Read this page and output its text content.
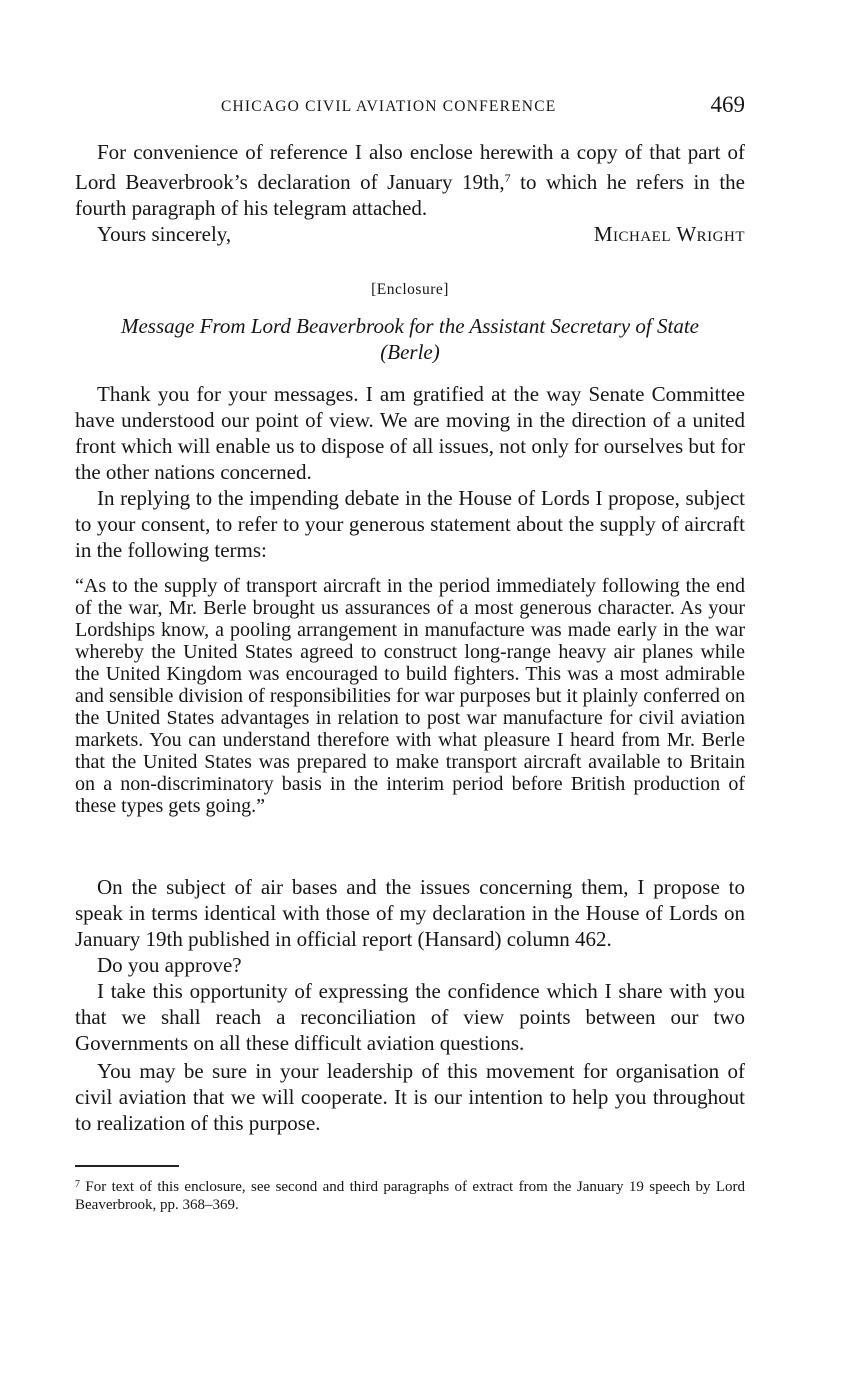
CHICAGO CIVIL AVIATION CONFERENCE	469

For convenience of reference I also enclose herewith a copy of that part of Lord Beaverbrook’s declaration of January 19th,$^7$ to which he refers in the fourth paragraph of his telegram attached.

Yours sincerely,	Michael Wright
[Enclosure]
Message From Lord Beaverbrook for the Assistant Secretary of State (Berle)

Thank you for your messages. I am gratified at the way Senate Committee have understood our point of view. We are moving in the direction of a united front which will enable us to dispose of all issues, not only for ourselves but for the other nations concerned.

In replying to the impending debate in the House of Lords I propose, subject to your consent, to refer to your generous statement about the supply of aircraft in the following terms:

“As to the supply of transport aircraft in the period immediately following the end of the war, Mr. Berle brought us assurances of a most generous character. As your Lordships know, a pooling arrangement in manufacture was made early in the war whereby the United States agreed to construct long-range heavy air planes while the United Kingdom was encouraged to build fighters. This was a most admirable and sensible division of responsibilities for war purposes but it plainly conferred on the United States advantages in relation to post war manufacture for civil aviation markets. You can understand therefore with what pleasure I heard from Mr. Berle that the United States was prepared to make transport aircraft available to Britain on a non-discriminatory basis in the interim period before British production of these types gets going.”

On the subject of air bases and the issues concerning them, I propose to speak in terms identical with those of my declaration in the House of Lords on January 19th published in official report (Hansard) column 462.

Do you approve?

I take this opportunity of expressing the confidence which I share with you that we shall reach a reconciliation of view points between our two Governments on all these difficult aviation questions.

You may be sure in your leadership of this movement for organisation of civil aviation that we will cooperate. It is our intention to help you throughout to realization of this purpose.

$^7$ For text of this enclosure, see second and third paragraphs of extract from the January 19 speech by Lord Beaverbrook, pp. 368–369.
